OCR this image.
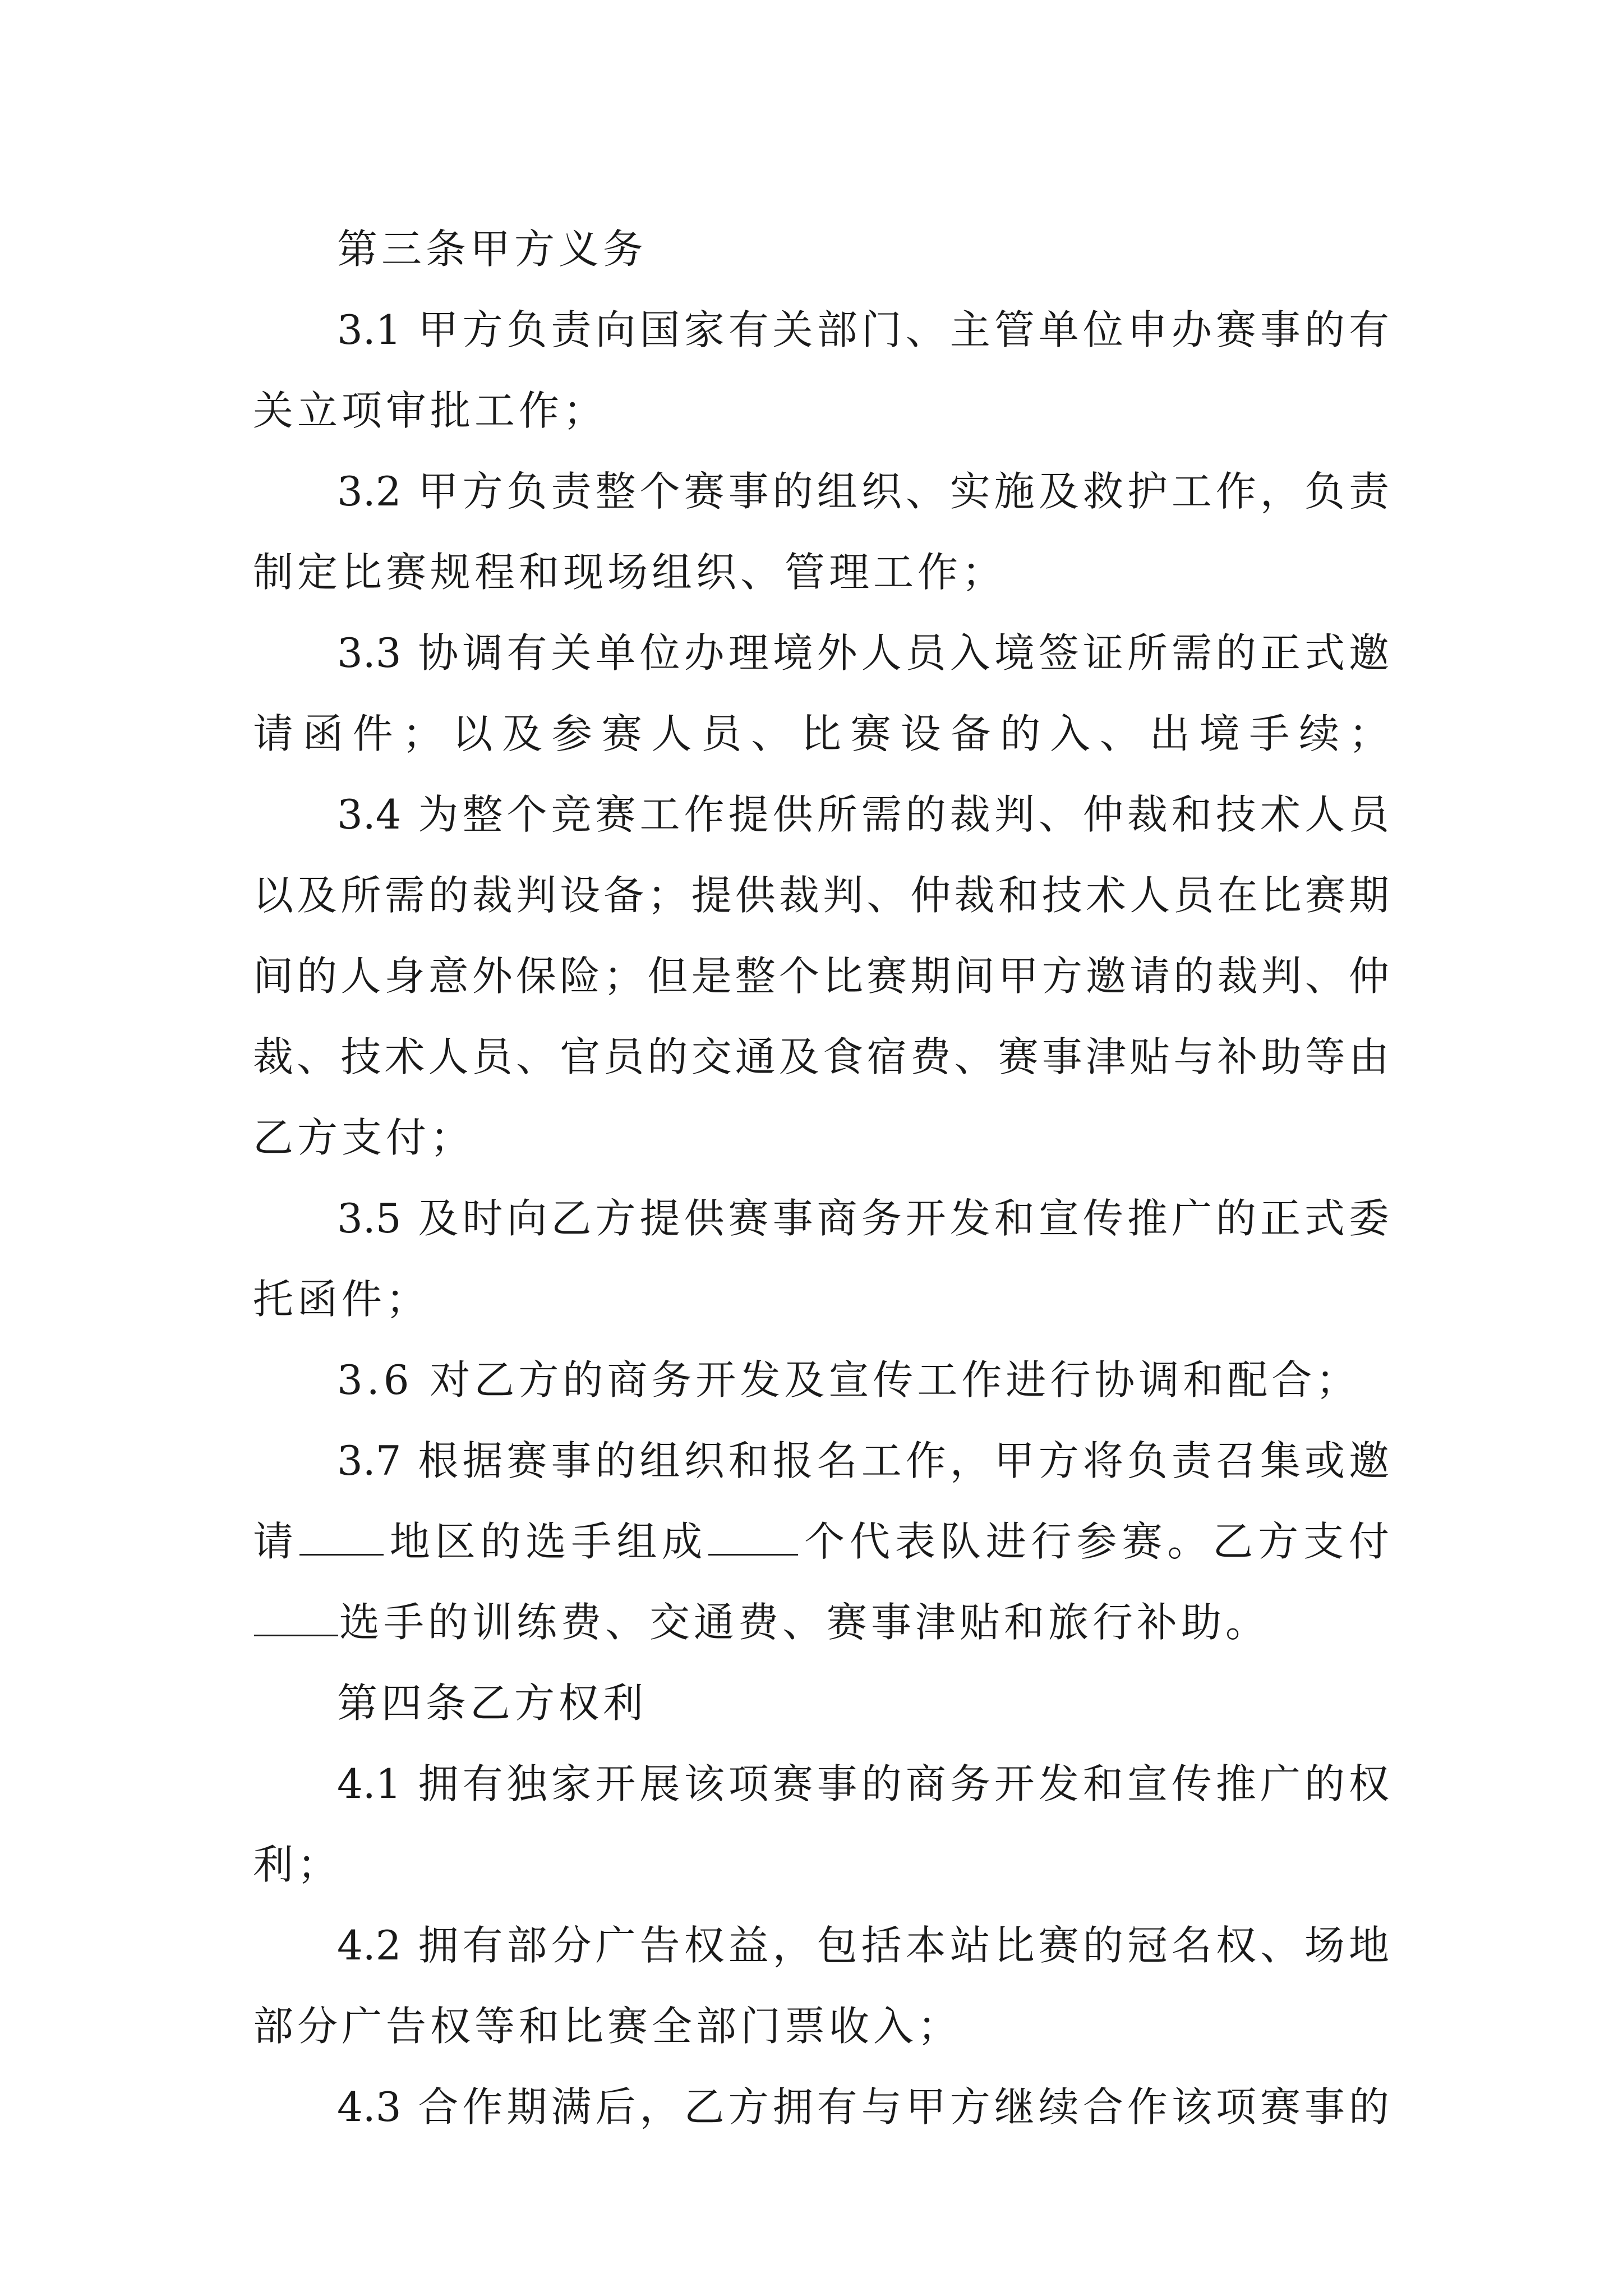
第三条甲方义务
3.1 甲方负责向国家有关部门、主管单位申办赛事的有
关立项审批工作；
3.2 甲方负责整个赛事的组织、实施及救护工作，负责
制定比赛规程和现场组织、管理工作；
3.3 协调有关单位办理境外人员入境签证所需的正式邀
请函件；以及参赛人员、比赛设备的入、出境手续；
3.4 为整个竞赛工作提供所需的裁判、仲裁和技术人员
以及所需的裁判设备；提供裁判、仲裁和技术人员在比赛期
间的人身意外保险；但是整个比赛期间甲方邀请的裁判、仲
裁、技术人员、官员的交通及食宿费、赛事津贴与补助等由
乙方支付；
3.5 及时向乙方提供赛事商务开发和宣传推广的正式委
托函件；
3.6 对乙方的商务开发及宣传工作进行协调和配合；
3.7 根据赛事的组织和报名工作，甲方将负责召集或邀
请 地区的选手组成 个代表队进行参赛。乙方支付
选手的训练费、交通费、赛事津贴和旅行补助。
第四条乙方权利
4.1 拥有独家开展该项赛事的商务开发和宣传推广的权
利；
4.2 拥有部分广告权益，包括本站比赛的冠名权、场地
部分广告权等和比赛全部门票收入；
4.3 合作期满后，乙方拥有与甲方继续合作该项赛事的
